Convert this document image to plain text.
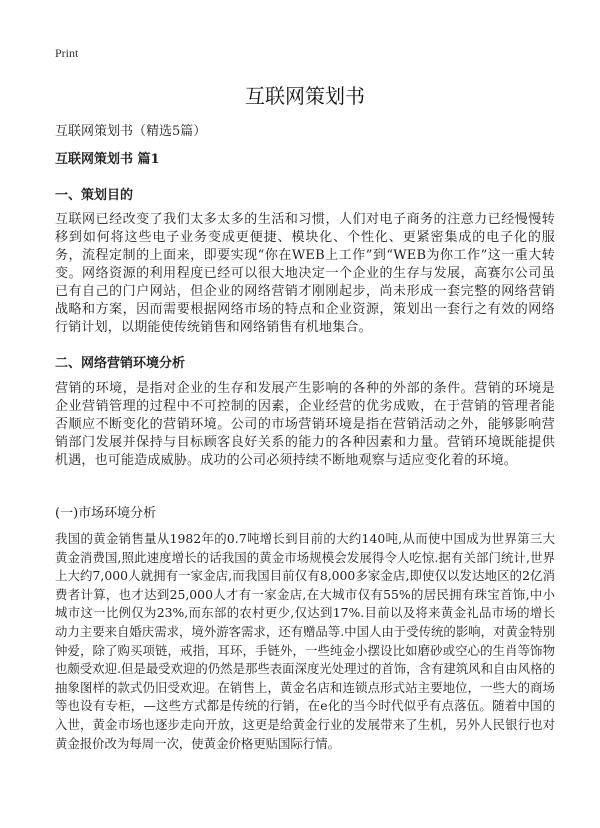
Print
互联网策划书

互联网策划书（精选5篇）

互联网策划书 篇1

一、策划目的

互联网已经改变了我们太多太多的生活和习惯，人们对电子商务的注意力已经慢慢转移到如何将这些电子业务变成更便捷、模块化、个性化、更紧密集成的电子化的服务，流程定制的上面来，即要实现“你在WEB上工作”到“WEB为你工作”这一重大转变。网络资源的利用程度已经可以很大地决定一个企业的生存与发展，高赛尔公司虽已有自己的门户网站，但企业的网络营销才刚刚起步，尚未形成一套完整的网络营销战略和方案，因而需要根据网络市场的特点和企业资源，策划出一套行之有效的网络行销计划，以期能使传统销售和网络销售有机地集合。

二、网络营销环境分析

营销的环境，是指对企业的生存和发展产生影响的各种的外部的条件。营销的环境是企业营销管理的过程中不可控制的因素，企业经营的优劣成败，在于营销的管理者能否顺应不断变化的营销环境。公司的市场营销环境是指在营销活动之外，能够影响营销部门发展并保持与目标顾客良好关系的能力的各种因素和力量。营销环境既能提供机遇，也可能造成威胁。成功的公司必须持续不断地观察与适应变化着的环境。

(一)市场环境分析

我国的黄金销售量从1982年的0.7吨增长到目前的大约140吨,从而使中国成为世界第三大黄金消费国,照此速度增长的话我国的黄金市场规模会发展得令人吃惊.据有关部门统计,世界上大约7,000人就拥有一家金店,而我国目前仅有8,000多家金店,即使仅以发达地区的2亿消费者计算，也才达到25,000人才有一家金店,在大城市仅有55%的居民拥有珠宝首饰,中小城市这一比例仅为23%,而东部的农村更少,仅达到17%.目前以及将来黄金礼品市场的增长动力主要来自婚庆需求，境外游客需求，还有赠品等.中国人由于受传统的影响，对黄金特别钟爱，除了购买项链，戒指，耳环，手链外，一些纯金小摆设比如磨砂或空心的生肖等饰物也颇受欢迎.但是最受欢迎的仍然是那些表面深度光处理过的首饰，含有建筑风和自由风格的抽象图样的款式仍旧受欢迎。在销售上，黄金名店和连锁点形式站主要地位，一些大的商场等也设有专柜，—这些方式都是传统的行销，在e化的当今时代似乎有点落伍。随着中国的入世，黄金市场也逐步走向开放，这更是给黄金行业的发展带来了生机，另外人民银行也对黄金报价改为每周一次，使黄金价格更贴国际行情。
